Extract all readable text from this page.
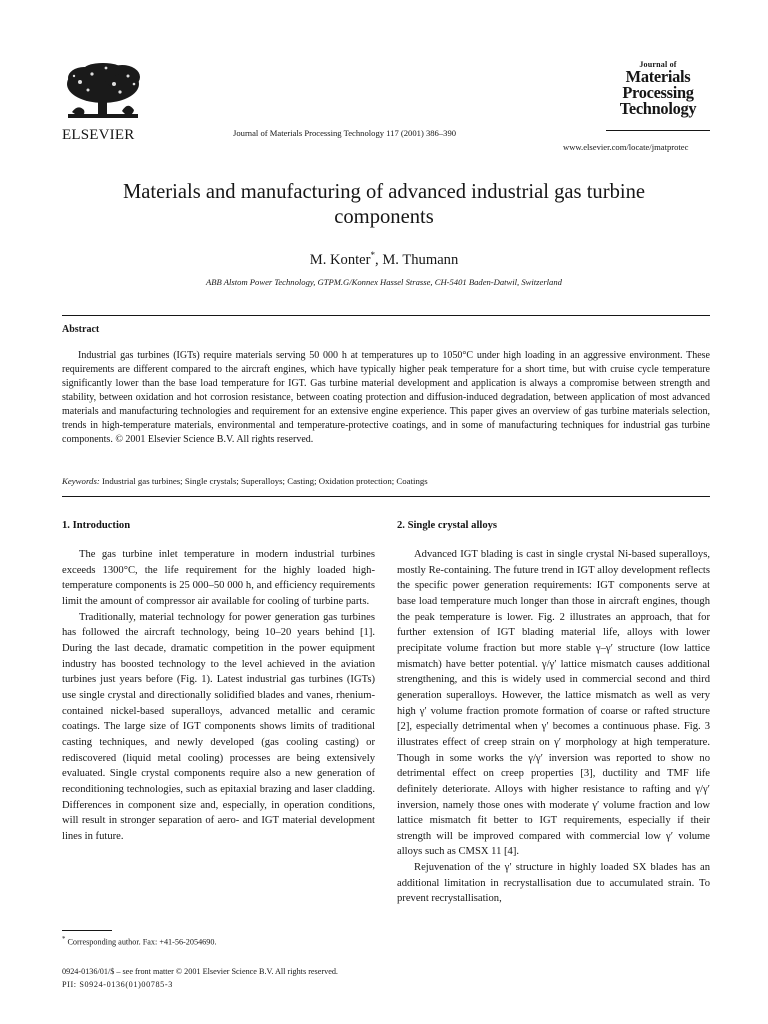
ELSEVIER	Journal of Materials Processing Technology 117 (2001) 386–390
Journal of
Materials
Processing
Technology
www.elsevier.com/locate/jmatprotec
Materials and manufacturing of advanced industrial gas turbine components
M. Konter*, M. Thumann
ABB Alstom Power Technology, GTPM.G/Konnex Hassel Strasse, CH-5401 Baden-Datwil, Switzerland
Abstract

Industrial gas turbines (IGTs) require materials serving 50 000 h at temperatures up to 1050°C under high loading in an aggressive environment. These requirements are different compared to the aircraft engines, which have typically higher peak temperature for a short time, but with cruise cycle temperature significantly lower than the base load temperature for IGT. Gas turbine material development and application is always a compromise between strength and stability, between oxidation and hot corrosion resistance, between coating protection and diffusion-induced degradation, between application of most advanced materials and manufacturing technologies and requirement for an extensive engine experience. This paper gives an overview of gas turbine materials selection, trends in high-temperature materials, environmental and temperature-protective coatings, and in some of manufacturing techniques for industrial gas turbine components. © 2001 Elsevier Science B.V. All rights reserved.

Keywords: Industrial gas turbines; Single crystals; Superalloys; Casting; Oxidation protection; Coatings
1. Introduction

The gas turbine inlet temperature in modern industrial turbines exceeds 1300°C, the life requirement for the highly loaded high-temperature components is 25 000–50 000 h, and efficiency requirements limit the amount of compressor air available for cooling of turbine parts.

Traditionally, material technology for power generation gas turbines has followed the aircraft technology, being 10–20 years behind [1]. During the last decade, dramatic competition in the power equipment industry has boosted technology to the level achieved in the aviation turbines just years before (Fig. 1). Latest industrial gas turbines (IGTs) use single crystal and directionally solidified blades and vanes, rhenium-contained nickel-based superalloys, advanced metallic and ceramic coatings. The large size of IGT components shows limits of traditional casting techniques, and newly developed (gas cooling casting) or rediscovered (liquid metal cooling) processes are being extensively evaluated. Single crystal components require also a new generation of reconditioning technologies, such as epitaxial brazing and laser cladding. Differences in component size and, especially, in operation conditions, will result in stronger separation of aero- and IGT material development lines in future.

2. Single crystal alloys

Advanced IGT blading is cast in single crystal Ni-based superalloys, mostly Re-containing. The future trend in IGT alloy development reflects the specific power generation requirements: IGT components serve at base load temperature much longer than those in aircraft engines, though the peak temperature is lower. Fig. 2 illustrates an approach, that for further extension of IGT blading material life, alloys with lower precipitate volume fraction but more stable γ–γ′ structure (low lattice mismatch) have better potential. γ/γ′ lattice mismatch causes additional strengthening, and this is widely used in commercial second and third generation superalloys. However, the lattice mismatch as well as very high γ′ volume fraction promote formation of coarse or rafted structure [2], especially detrimental when γ′ becomes a continuous phase. Fig. 3 illustrates effect of creep strain on γ′ morphology at high temperature. Though in some works the γ/γ′ inversion was reported to show no detrimental effect on creep properties [3], ductility and TMF life definitely deteriorate. Alloys with higher resistance to rafting and γ/γ′ inversion, namely those ones with moderate γ′ volume fraction and low lattice mismatch fit better to IGT requirements, especially if their strength will be improved compared with commercial low γ′ volume alloys such as CMSX 11 [4].

Rejuvenation of the γ′ structure in highly loaded SX blades has an additional limitation in recrystallisation due to accumulated strain. To prevent recrystallisation,

* Corresponding author. Fax: +41-56-2054690.
0924-0136/01/$ – see front matter © 2001 Elsevier Science B.V. All rights reserved.
PII: S0924-0136(01)00785-3
